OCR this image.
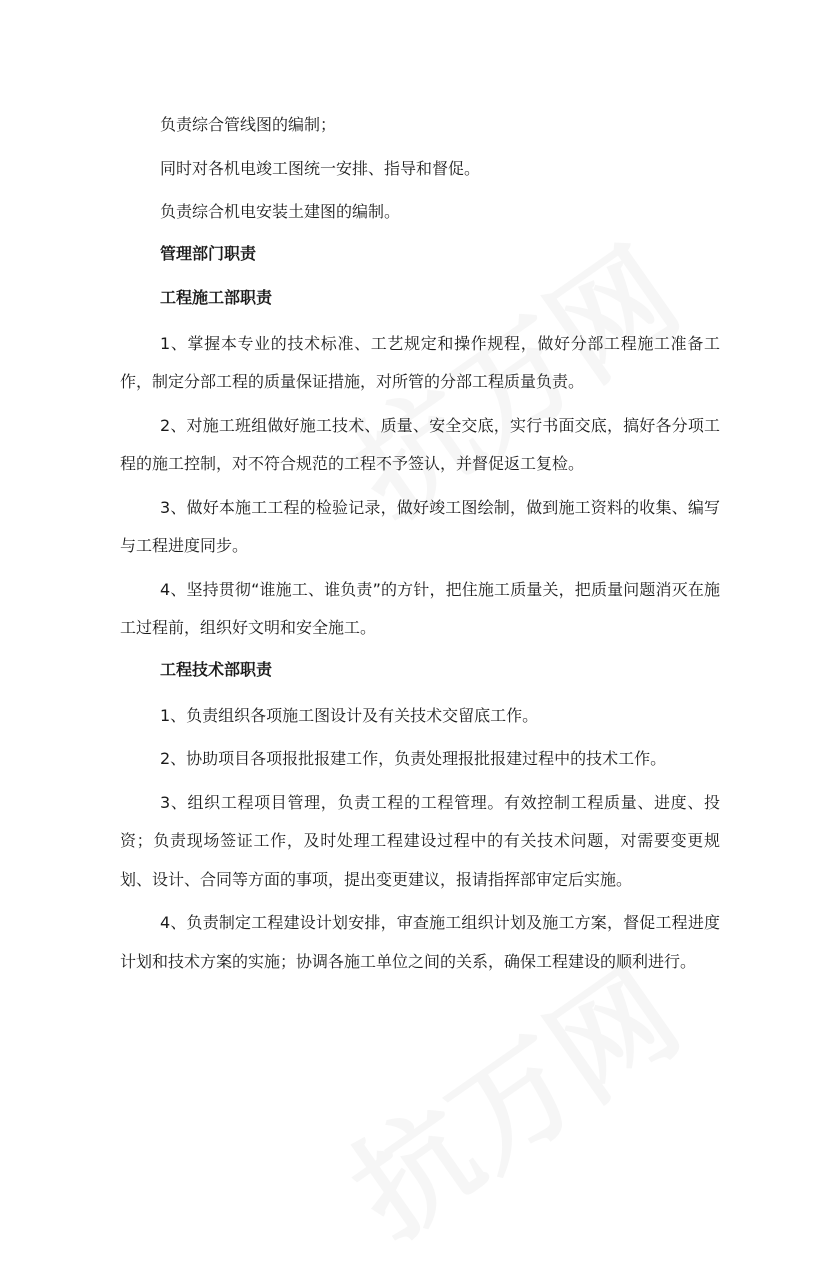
负责综合管线图的编制；

同时对各机电竣工图统一安排、指导和督促。

负责综合机电安装土建图的编制。

管理部门职责

工程施工部职责

1、掌握本专业的技术标准、工艺规定和操作规程，做好分部工程施工准备工作，制定分部工程的质量保证措施，对所管的分部工程质量负责。

2、对施工班组做好施工技术、质量、安全交底，实行书面交底，搞好各分项工程的施工控制，对不符合规范的工程不予签认，并督促返工复检。

3、做好本施工工程的检验记录，做好竣工图绘制，做到施工资料的收集、编写与工程进度同步。

4、坚持贯彻“谁施工、谁负责”的方针，把住施工质量关，把质量问题消灭在施工过程前，组织好文明和安全施工。

工程技术部职责

1、负责组织各项施工图设计及有关技术交留底工作。

2、协助项目各项报批报建工作，负责处理报批报建过程中的技术工作。

3、组织工程项目管理，负责工程的工程管理。有效控制工程质量、进度、投资；负责现场签证工作，及时处理工程建设过程中的有关技术问题，对需要变更规划、设计、合同等方面的事项，提出变更建议，报请指挥部审定后实施。

4、负责制定工程建设计划安排，审查施工组织计划及施工方案，督促工程进度计划和技术方案的实施；协调各施工单位之间的关系，确保工程建设的顺利进行。
